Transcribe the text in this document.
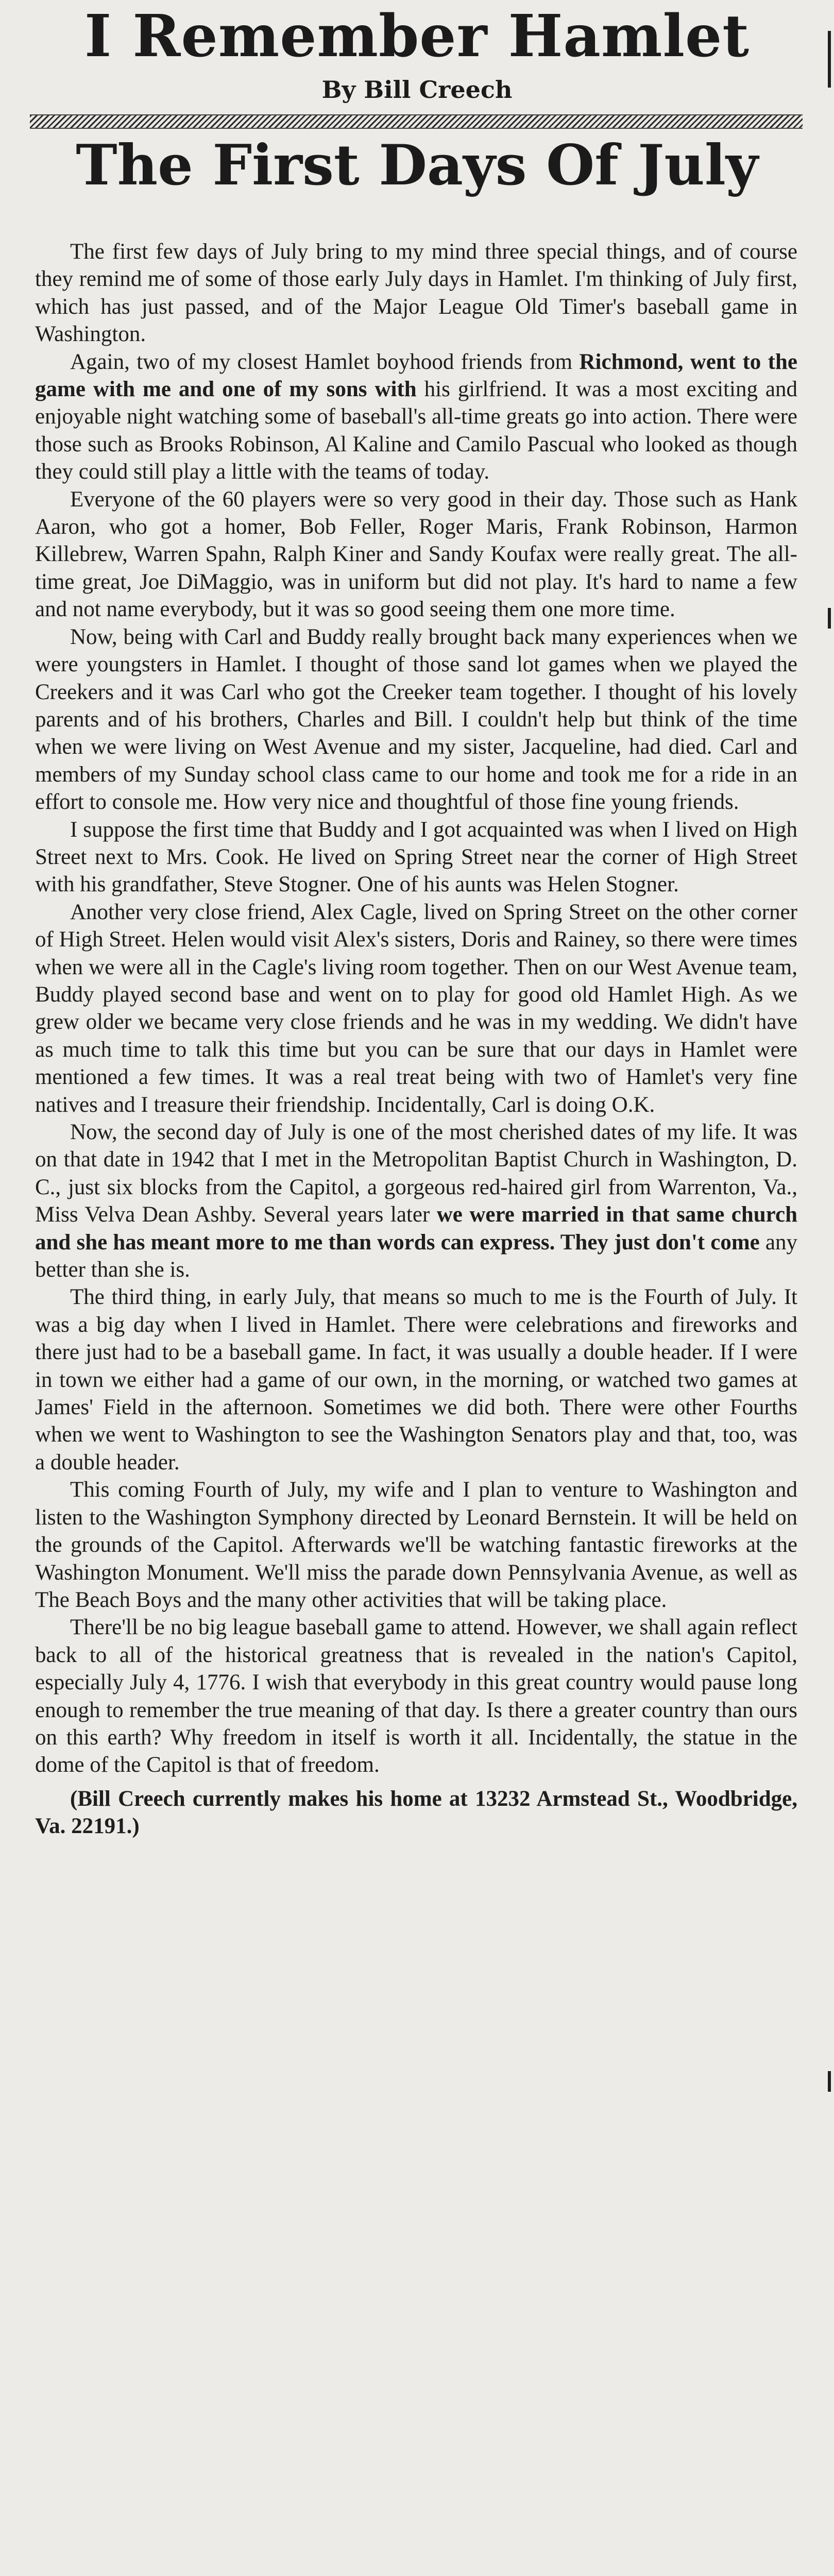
I Remember Hamlet
By Bill Creech
The First Days Of July

The first few days of July bring to my mind three special things, and of course they remind me of some of those early July days in Hamlet. I'm thinking of July first, which has just passed, and of the Major League Old Timer's baseball game in Washington.

Again, two of my closest Hamlet boyhood friends from Richmond, went to the game with me and one of my sons with his girlfriend. It was a most exciting and enjoyable night watching some of baseball's all-time greats go into action. There were those such as Brooks Robinson, Al Kaline and Camilo Pascual who looked as though they could still play a little with the teams of today.

Everyone of the 60 players were so very good in their day. Those such as Hank Aaron, who got a homer, Bob Feller, Roger Maris, Frank Robinson, Harmon Killebrew, Warren Spahn, Ralph Kiner and Sandy Koufax were really great. The all-time great, Joe DiMaggio, was in uniform but did not play. It's hard to name a few and not name everybody, but it was so good seeing them one more time.

Now, being with Carl and Buddy really brought back many experiences when we were youngsters in Hamlet. I thought of those sand lot games when we played the Creekers and it was Carl who got the Creeker team together. I thought of his lovely parents and of his brothers, Charles and Bill. I couldn't help but think of the time when we were living on West Avenue and my sister, Jacqueline, had died. Carl and members of my Sunday school class came to our home and took me for a ride in an effort to console me. How very nice and thoughtful of those fine young friends.

I suppose the first time that Buddy and I got acquainted was when I lived on High Street next to Mrs. Cook. He lived on Spring Street near the corner of High Street with his grandfather, Steve Stogner. One of his aunts was Helen Stogner.

Another very close friend, Alex Cagle, lived on Spring Street on the other corner of High Street. Helen would visit Alex's sisters, Doris and Rainey, so there were times when we were all in the Cagle's living room together. Then on our West Avenue team, Buddy played second base and went on to play for good old Hamlet High. As we grew older we became very close friends and he was in my wedding. We didn't have as much time to talk this time but you can be sure that our days in Hamlet were mentioned a few times. It was a real treat being with two of Hamlet's very fine natives and I treasure their friendship. Incidentally, Carl is doing O.K.

Now, the second day of July is one of the most cherished dates of my life. It was on that date in 1942 that I met in the Metropolitan Baptist Church in Washington, D. C., just six blocks from the Capitol, a gorgeous red-haired girl from Warrenton, Va., Miss Velva Dean Ashby. Several years later we were married in that same church and she has meant more to me than words can express. They just don't come any better than she is.

The third thing, in early July, that means so much to me is the Fourth of July. It was a big day when I lived in Hamlet. There were celebrations and fireworks and there just had to be a baseball game. In fact, it was usually a double header. If I were in town we either had a game of our own, in the morning, or watched two games at James' Field in the afternoon. Sometimes we did both. There were other Fourths when we went to Washington to see the Washington Senators play and that, too, was a double header.

This coming Fourth of July, my wife and I plan to venture to Washington and listen to the Washington Symphony directed by Leonard Bernstein. It will be held on the grounds of the Capitol. Afterwards we'll be watching fantastic fireworks at the Washington Monument. We'll miss the parade down Pennsylvania Avenue, as well as The Beach Boys and the many other activities that will be taking place.

There'll be no big league baseball game to attend. However, we shall again reflect back to all of the historical greatness that is revealed in the nation's Capitol, especially July 4, 1776. I wish that everybody in this great country would pause long enough to remember the true meaning of that day. Is there a greater country than ours on this earth? Why freedom in itself is worth it all. Incidentally, the statue in the dome of the Capitol is that of freedom.

(Bill Creech currently makes his home at 13232 Armstead St., Woodbridge, Va. 22191.)
